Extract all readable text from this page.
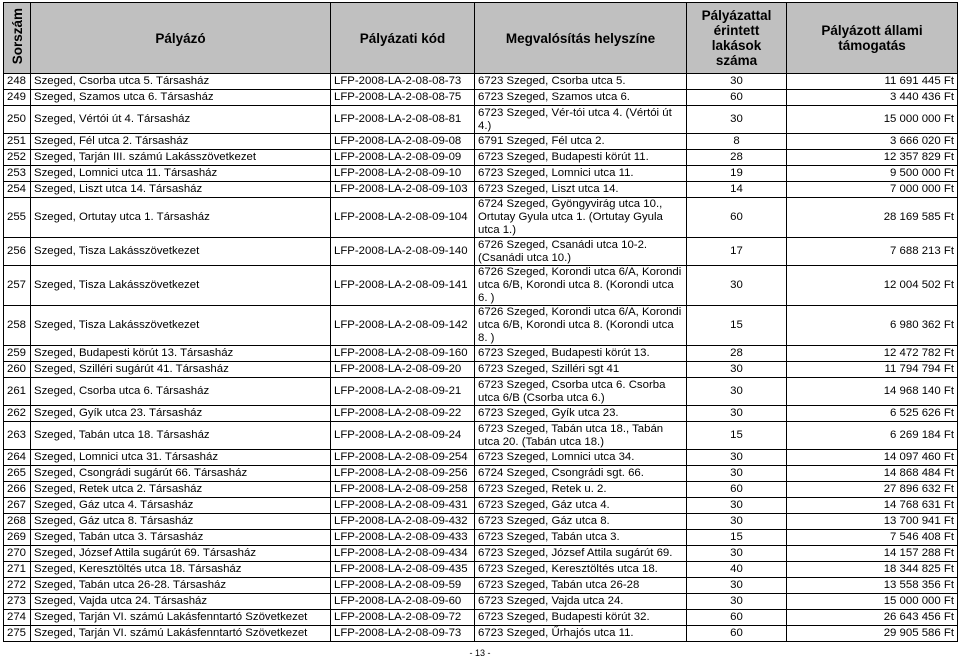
Sorszám	Pályázó	Pályázati kód	Megvalósítás helyszíne	Pályázattal érintett lakások száma	Pályázott állami támogatás
248	Szeged, Csorba utca 5. Társasház	LFP-2008-LA-2-08-08-73	6723 Szeged, Csorba utca 5.	30	11 691 445 Ft
249	Szeged, Szamos utca 6. Társasház	LFP-2008-LA-2-08-08-75	6723 Szeged, Szamos utca 6.	60	3 440 436 Ft
250	Szeged, Vértói út 4. Társasház	LFP-2008-LA-2-08-08-81	6723 Szeged, Vér-tói utca 4. (Vértói út 4.)	30	15 000 000 Ft
251	Szeged, Fél utca 2. Társasház	LFP-2008-LA-2-08-09-08	6791 Szeged, Fél utca 2.	8	3 666 020 Ft
252	Szeged, Tarján III. számú Lakásszövetkezet	LFP-2008-LA-2-08-09-09	6723 Szeged, Budapesti körút 11.	28	12 357 829 Ft
253	Szeged, Lomnici utca 11. Társasház	LFP-2008-LA-2-08-09-10	6723 Szeged, Lomnici utca 11.	19	9 500 000 Ft
254	Szeged, Liszt utca 14. Társasház	LFP-2008-LA-2-08-09-103	6723 Szeged, Liszt utca 14.	14	7 000 000 Ft
255	Szeged, Ortutay utca 1. Társasház	LFP-2008-LA-2-08-09-104	6724 Szeged, Gyöngyvirág utca 10., Ortutay Gyula utca 1. (Ortutay Gyula utca 1.)	60	28 169 585 Ft
256	Szeged, Tisza Lakásszövetkezet	LFP-2008-LA-2-08-09-140	6726 Szeged, Csanádi utca 10-2. (Csanádi utca 10.)	17	7 688 213 Ft
257	Szeged, Tisza Lakásszövetkezet	LFP-2008-LA-2-08-09-141	6726 Szeged, Korondi utca 6/A, Korondi utca 6/B, Korondi utca 8. (Korondi utca 6. )	30	12 004 502 Ft
258	Szeged, Tisza Lakásszövetkezet	LFP-2008-LA-2-08-09-142	6726 Szeged, Korondi utca 6/A, Korondi utca 6/B, Korondi utca 8. (Korondi utca 8. )	15	6 980 362 Ft
259	Szeged, Budapesti körút 13. Társasház	LFP-2008-LA-2-08-09-160	6723 Szeged, Budapesti körút 13.	28	12 472 782 Ft
260	Szeged, Szilléri sugárút 41. Társasház	LFP-2008-LA-2-08-09-20	6723 Szeged, Szilléri sgt 41	30	11 794 794 Ft
261	Szeged, Csorba utca 6. Társasház	LFP-2008-LA-2-08-09-21	6723 Szeged, Csorba utca 6. Csorba utca 6/B (Csorba utca 6.)	30	14 968 140 Ft
262	Szeged, Gyík utca 23. Társasház	LFP-2008-LA-2-08-09-22	6723 Szeged, Gyík utca 23.	30	6 525 626 Ft
263	Szeged, Tabán utca 18. Társasház	LFP-2008-LA-2-08-09-24	6723 Szeged, Tabán utca 18., Tabán utca 20. (Tabán utca 18.)	15	6 269 184 Ft
264	Szeged, Lomnici utca 31. Társasház	LFP-2008-LA-2-08-09-254	6723 Szeged, Lomnici utca 34.	30	14 097 460 Ft
265	Szeged, Csongrádi sugárút 66. Társasház	LFP-2008-LA-2-08-09-256	6724 Szeged, Csongrádi sgt. 66.	30	14 868 484 Ft
266	Szeged, Retek utca 2. Társasház	LFP-2008-LA-2-08-09-258	6723 Szeged, Retek u. 2.	60	27 896 632 Ft
267	Szeged, Gáz utca 4. Társasház	LFP-2008-LA-2-08-09-431	6723 Szeged, Gáz utca 4.	30	14 768 631 Ft
268	Szeged, Gáz utca 8. Társasház	LFP-2008-LA-2-08-09-432	6723 Szeged, Gáz utca 8.	30	13 700 941 Ft
269	Szeged, Tabán utca 3. Társasház	LFP-2008-LA-2-08-09-433	6723 Szeged, Tabán utca 3.	15	7 546 408 Ft
270	Szeged, József Attila sugárút 69. Társasház	LFP-2008-LA-2-08-09-434	6723 Szeged, József Attila sugárút 69.	30	14 157 288 Ft
271	Szeged, Keresztöltés utca 18. Társasház	LFP-2008-LA-2-08-09-435	6723 Szeged, Keresztöltés utca 18.	40	18 344 825 Ft
272	Szeged, Tabán utca 26-28. Társasház	LFP-2008-LA-2-08-09-59	6723 Szeged, Tabán utca 26-28	30	13 558 356 Ft
273	Szeged, Vajda utca 24. Társasház	LFP-2008-LA-2-08-09-60	6723 Szeged, Vajda utca 24.	30	15 000 000 Ft
274	Szeged, Tarján VI. számú Lakásfenntartó Szövetkezet	LFP-2008-LA-2-08-09-72	6723 Szeged, Budapesti körút 32.	60	26 643 456 Ft
275	Szeged, Tarján VI. számú Lakásfenntartó Szövetkezet	LFP-2008-LA-2-08-09-73	6723 Szeged, Űrhajós utca 11.	60	29 905 586 Ft
- 13 -
